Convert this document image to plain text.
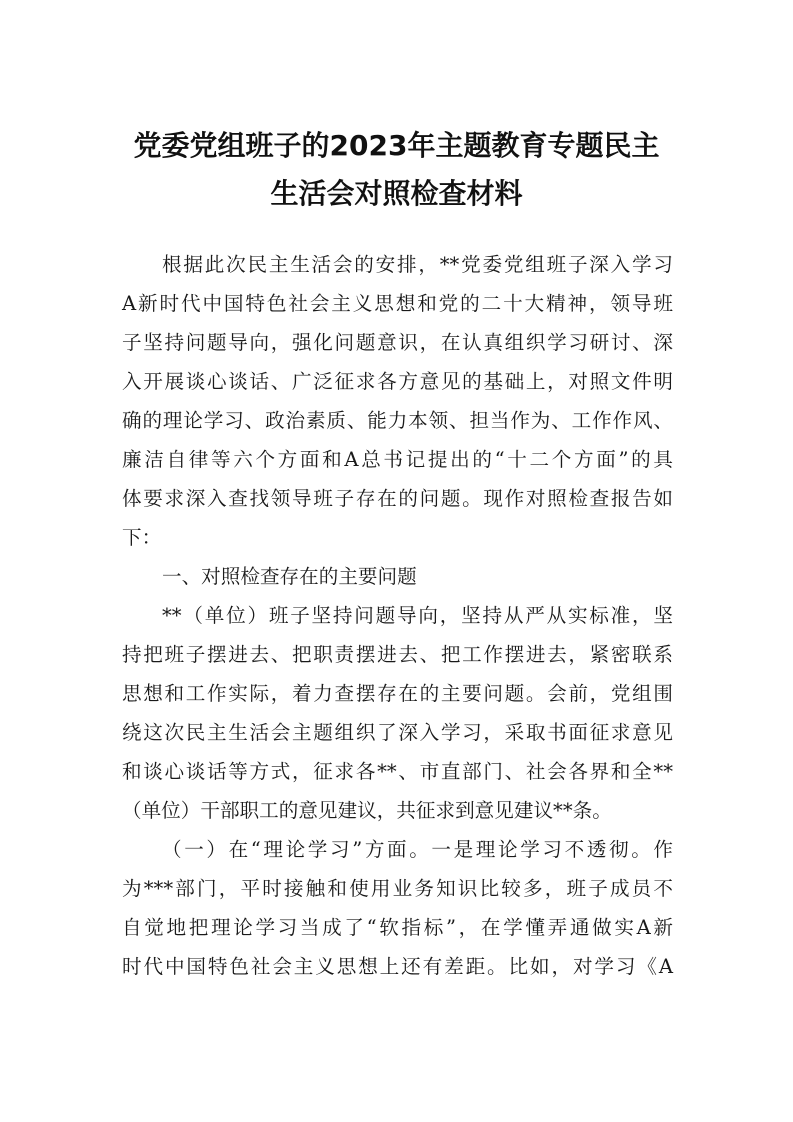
党委党组班子的2023年主题教育专题民主
生活会对照检查材料
根据此次民主生活会的安排，**党委党组班子深入学习
A新时代中国特色社会主义思想和党的二十大精神，领导班
子坚持问题导向，强化问题意识，在认真组织学习研讨、深
入开展谈心谈话、广泛征求各方意见的基础上，对照文件明
确的理论学习、政治素质、能力本领、担当作为、工作作风、
廉洁自律等六个方面和A总书记提出的“十二个方面”的具
体要求深入查找领导班子存在的问题。现作对照检查报告如
下：
一、对照检查存在的主要问题
**（单位）班子坚持问题导向，坚持从严从实标准，坚
持把班子摆进去、把职责摆进去、把工作摆进去，紧密联系
思想和工作实际，着力查摆存在的主要问题。会前，党组围
绕这次民主生活会主题组织了深入学习，采取书面征求意见
和谈心谈话等方式，征求各**、市直部门、社会各界和全**
（单位）干部职工的意见建议，共征求到意见建议**条。
（一）在“理论学习”方面。一是理论学习不透彻。作
为***部门，平时接触和使用业务知识比较多，班子成员不
自觉地把理论学习当成了“软指标”，在学懂弄通做实A新
时代中国特色社会主义思想上还有差距。比如，对学习《A
